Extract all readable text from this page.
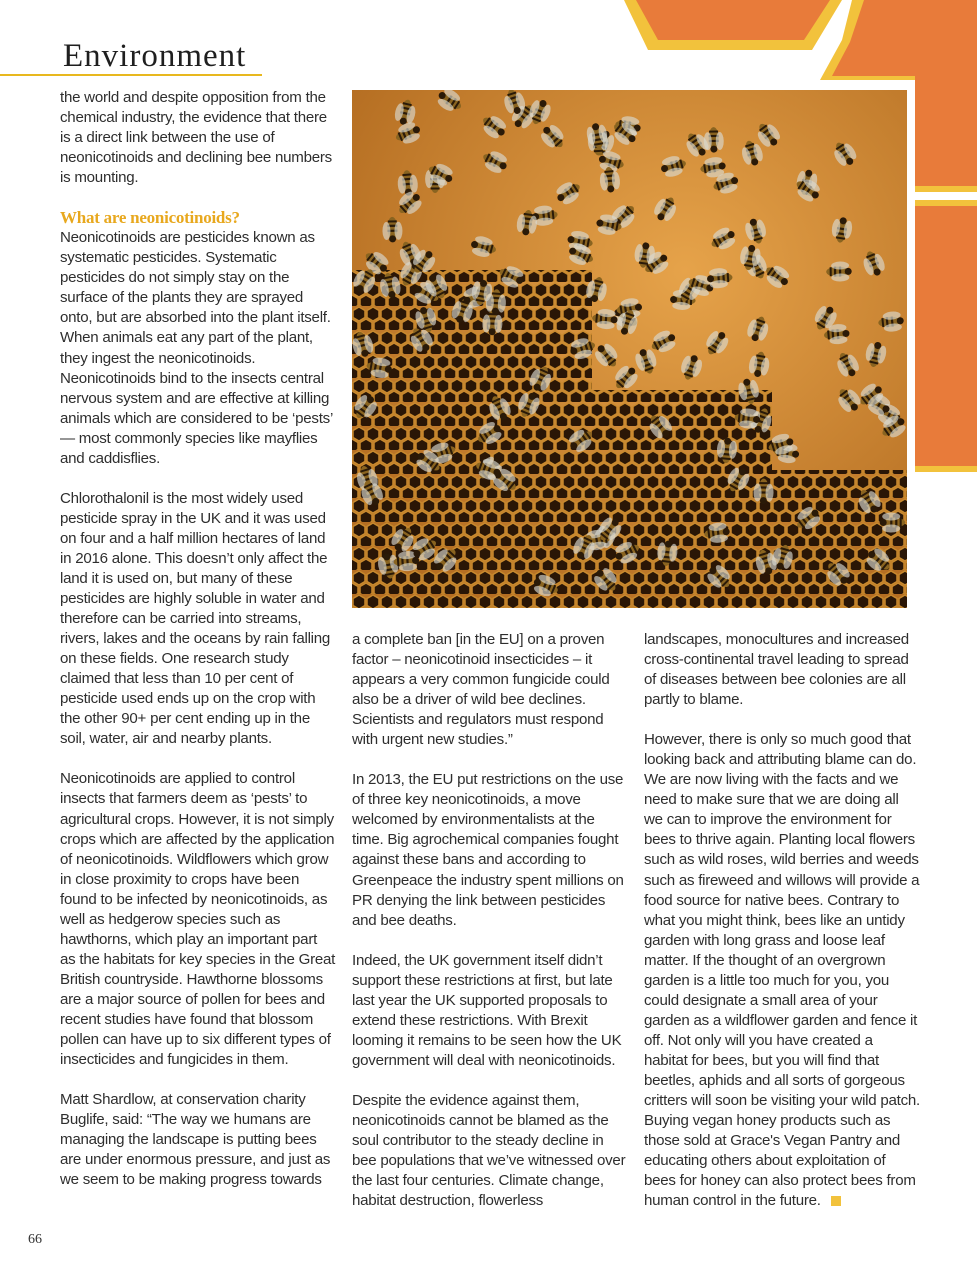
Environment

the world and despite opposition from the chemical industry, the evidence that there is a direct link between the use of neonicotinoids and declining bee numbers is mounting.

What are neonicotinoids?

Neonicotinoids are pesticides known as systematic pesticides. Systematic pesticides do not simply stay on the surface of the plants they are sprayed onto, but are absorbed into the plant itself. When animals eat any part of the plant, they ingest the neonicotinoids. Neonicotinoids bind to the insects central nervous system and are effective at killing animals which are considered to be ‘pests’ — most commonly species like mayflies and caddisflies.

Chlorothalonil is the most widely used pesticide spray in the UK and it was used on four and a half million hectares of land in 2016 alone. This doesn’t only affect the land it is used on, but many of these pesticides are highly soluble in water and therefore can be carried into streams, rivers, lakes and the oceans by rain falling on these fields. One research study claimed that less than 10 per cent of pesticide used ends up on the crop with the other 90+ per cent ending up in the soil, water, air and nearby plants.

Neonicotinoids are applied to control insects that farmers deem as ‘pests’ to agricultural crops. However, it is not simply crops which are affected by the application of neonicotinoids. Wildflowers which grow in close proximity to crops have been found to be infected by neonicotinoids, as well as hedgerow species such as hawthorns, which play an important part as the habitats for key species in the Great British countryside. Hawthorne blossoms are a major source of pollen for bees and recent studies have found that blossom pollen can have up to six different types of insecticides and fungicides in them.

Matt Shardlow, at conservation charity Buglife, said: “The way we humans are managing the landscape is putting bees are under enormous pressure, and just as we seem to be making progress towards

a complete ban [in the EU] on a proven factor – neonicotinoid insecticides – it appears a very common fungicide could also be a driver of wild bee declines. Scientists and regulators must respond with urgent new studies.”

In 2013, the EU put restrictions on the use of three key neonicotinoids, a move welcomed by environmentalists at the time. Big agrochemical companies fought against these bans and according to Greenpeace the industry spent millions on PR denying the link between pesticides and bee deaths.

Indeed, the UK government itself didn’t support these restrictions at first, but late last year the UK supported proposals to extend these restrictions. With Brexit looming it remains to be seen how the UK government will deal with neonicotinoids.

Despite the evidence against them, neonicotinoids cannot be blamed as the soul contributor to the steady decline in bee populations that we’ve witnessed over the last four centuries. Climate change, habitat destruction, flowerless

landscapes, monocultures and increased cross-continental travel leading to spread of diseases between bee colonies are all partly to blame.

However, there is only so much good that looking back and attributing blame can do. We are now living with the facts and we need to make sure that we are doing all we can to improve the environment for bees to thrive again. Planting local flowers such as wild roses, wild berries and weeds such as fireweed and willows will provide a food source for native bees. Contrary to what you might think, bees like an untidy garden with long grass and loose leaf matter. If the thought of an overgrown garden is a little too much for you, you could designate a small area of your garden as a wildflower garden and fence it off. Not only will you have created a habitat for bees, but you will find that beetles, aphids and all sorts of gorgeous critters will soon be visiting your wild patch. Buying vegan honey products such as those sold at Grace's Vegan Pantry and educating others about exploitation of bees for honey can also protect bees from human control in the future.

66
